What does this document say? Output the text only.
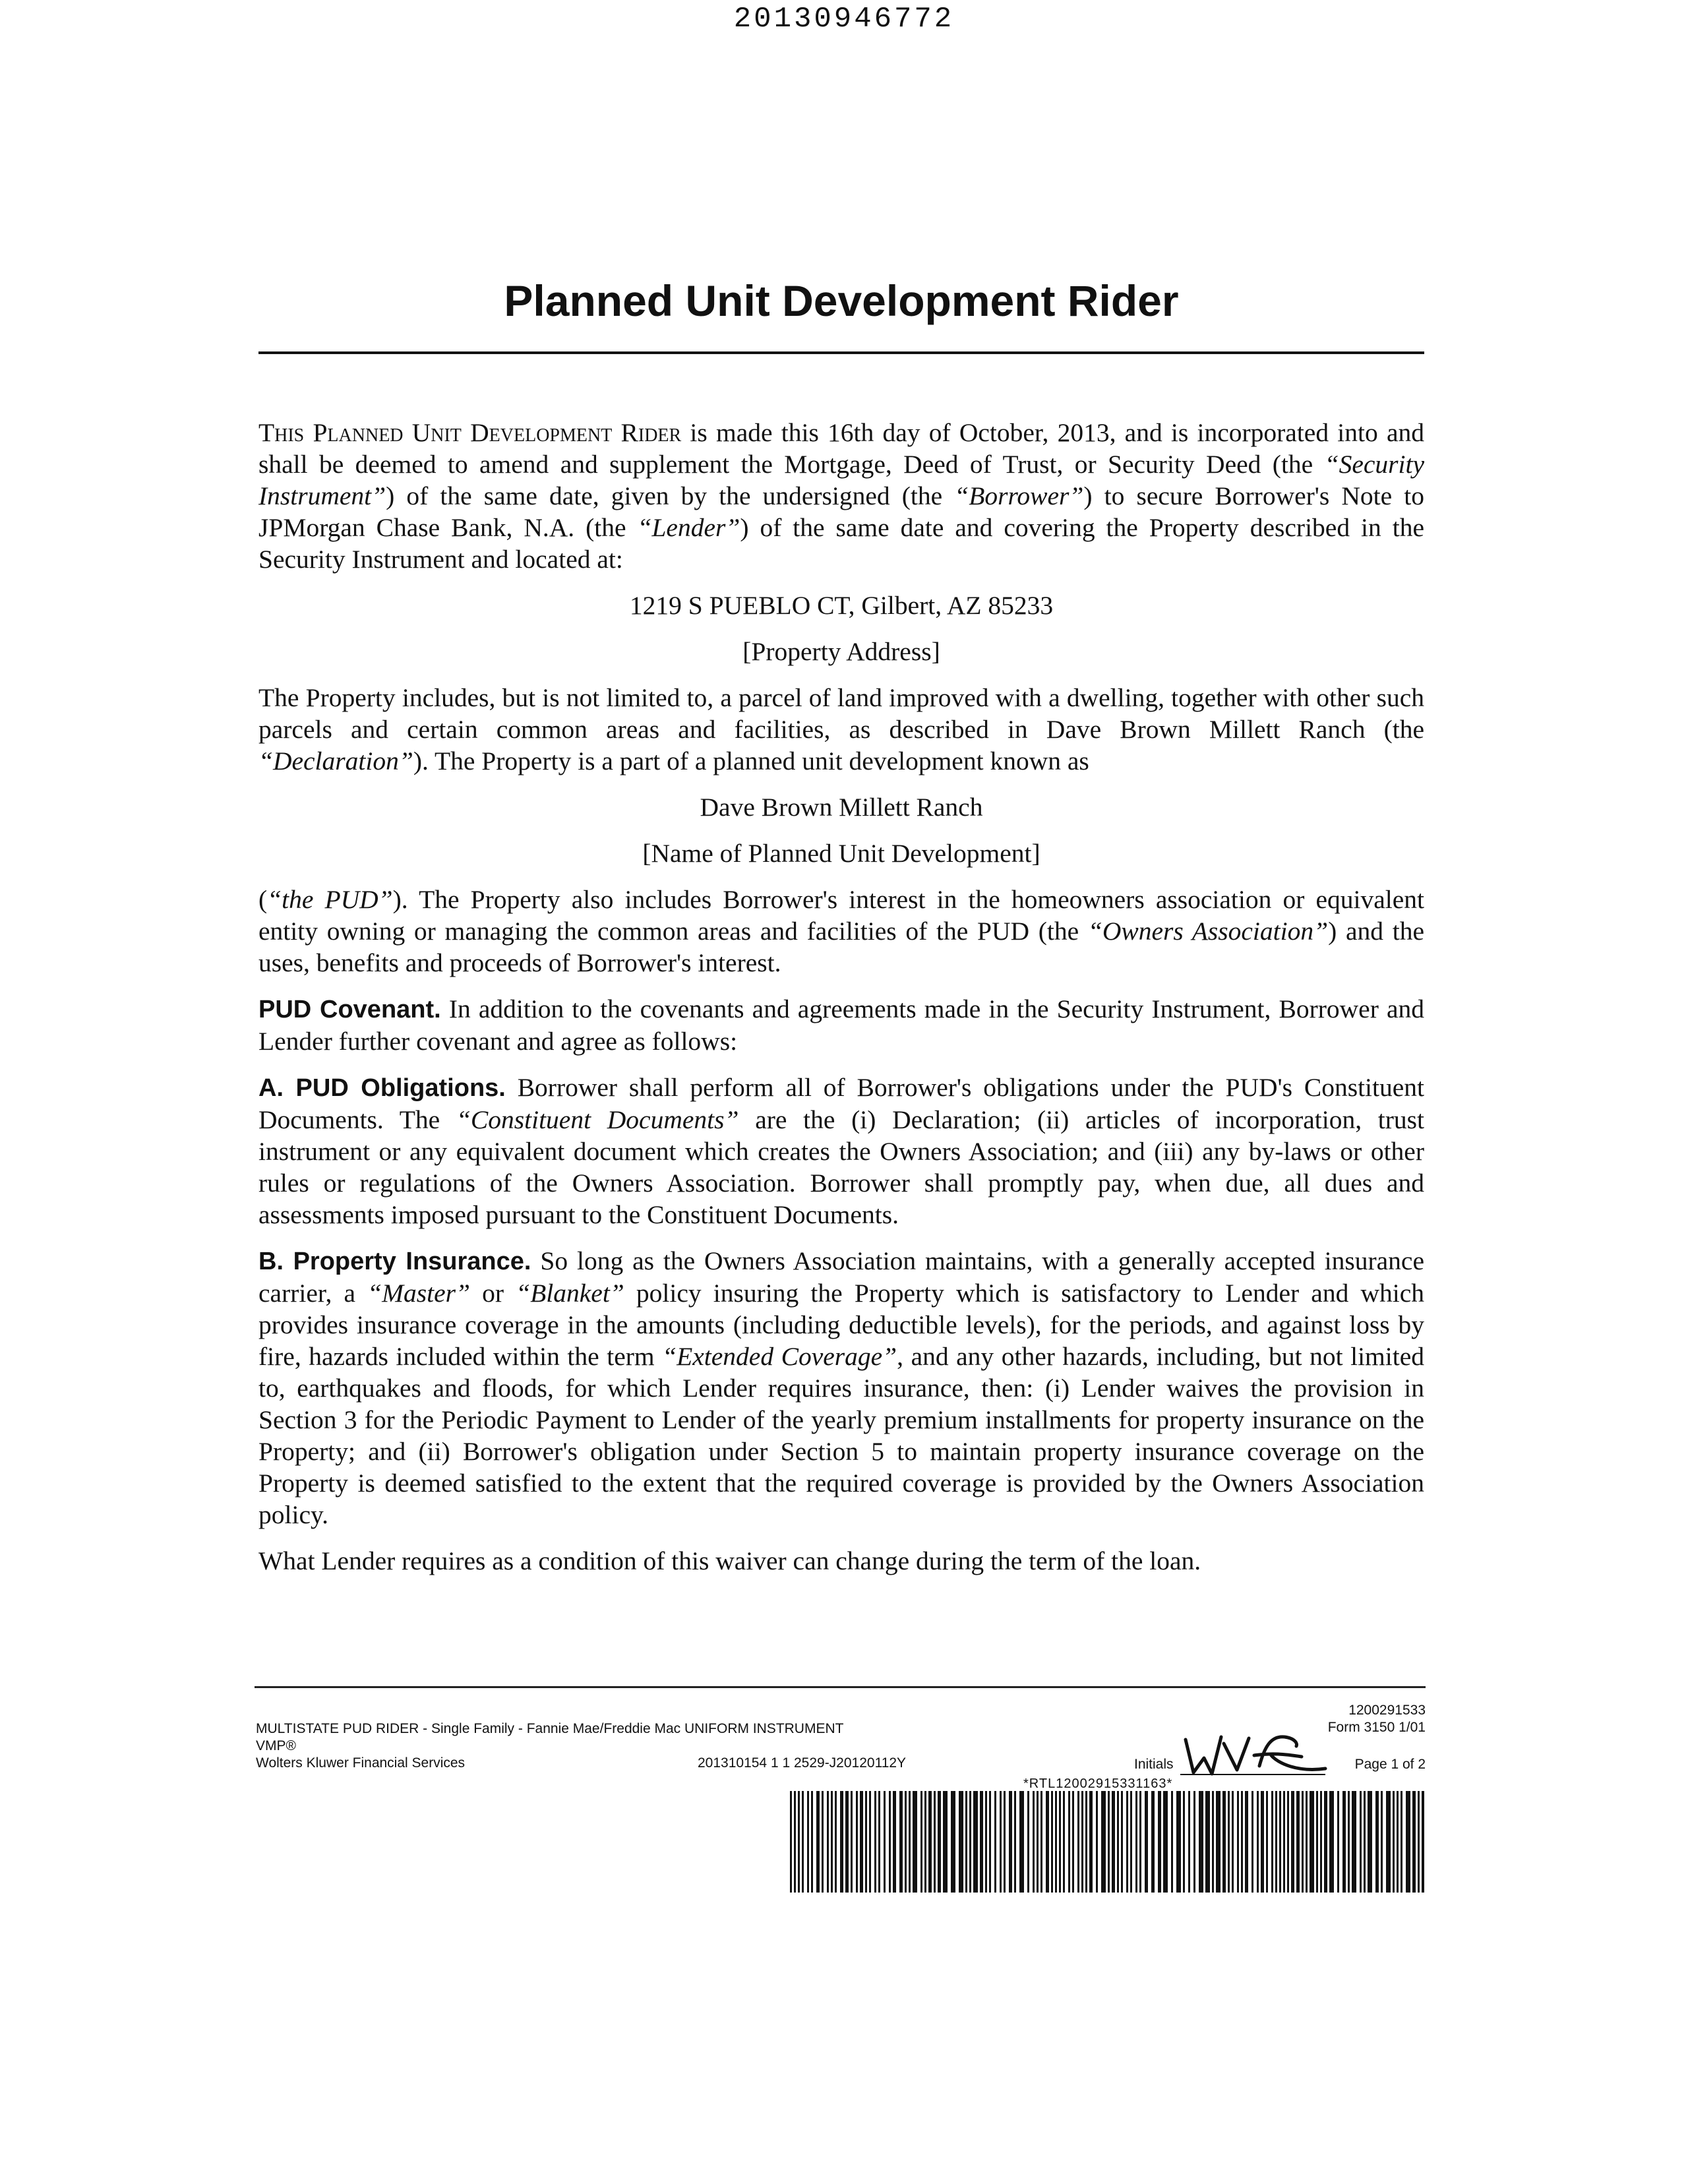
20130946772
Planned Unit Development Rider

This Planned Unit Development Rider is made this 16th day of October, 2013, and is incorporated into and shall be deemed to amend and supplement the Mortgage, Deed of Trust, or Security Deed (the “Security Instrument”) of the same date, given by the undersigned (the “Borrower”) to secure Borrower's Note to JPMorgan Chase Bank, N.A. (the “Lender”) of the same date and covering the Property described in the Security Instrument and located at:

1219 S PUEBLO CT, Gilbert, AZ 85233

[Property Address]

The Property includes, but is not limited to, a parcel of land improved with a dwelling, together with other such parcels and certain common areas and facilities, as described in Dave Brown Millett Ranch (the “Declaration”). The Property is a part of a planned unit development known as

Dave Brown Millett Ranch

[Name of Planned Unit Development]

(“the PUD”). The Property also includes Borrower's interest in the homeowners association or equivalent entity owning or managing the common areas and facilities of the PUD (the “Owners Association”) and the uses, benefits and proceeds of Borrower's interest.

PUD Covenant. In addition to the covenants and agreements made in the Security Instrument, Borrower and Lender further covenant and agree as follows:

A. PUD Obligations. Borrower shall perform all of Borrower's obligations under the PUD's Constituent Documents. The “Constituent Documents” are the (i) Declaration; (ii) articles of incorporation, trust instrument or any equivalent document which creates the Owners Association; and (iii) any by-laws or other rules or regulations of the Owners Association. Borrower shall promptly pay, when due, all dues and assessments imposed pursuant to the Constituent Documents.

B. Property Insurance. So long as the Owners Association maintains, with a generally accepted insurance carrier, a “Master” or “Blanket” policy insuring the Property which is satisfactory to Lender and which provides insurance coverage in the amounts (including deductible levels), for the periods, and against loss by fire, hazards included within the term “Extended Coverage”, and any other hazards, including, but not limited to, earthquakes and floods, for which Lender requires insurance, then: (i) Lender waives the provision in Section 3 for the Periodic Payment to Lender of the yearly premium installments for property insurance on the Property; and (ii) Borrower's obligation under Section 5 to maintain property insurance coverage on the Property is deemed satisfied to the extent that the required coverage is provided by the Owners Association policy.

What Lender requires as a condition of this waiver can change during the term of the loan.

1200291533
MULTISTATE PUD RIDER - Single Family - Fannie Mae/Freddie Mac UNIFORM INSTRUMENT	Form 3150 1/01
VMP®
Wolters Kluwer Financial Services	201310154 1 1 2529-J20120112Y	Initials	Page 1 of 2
*RTL12002915331163*
